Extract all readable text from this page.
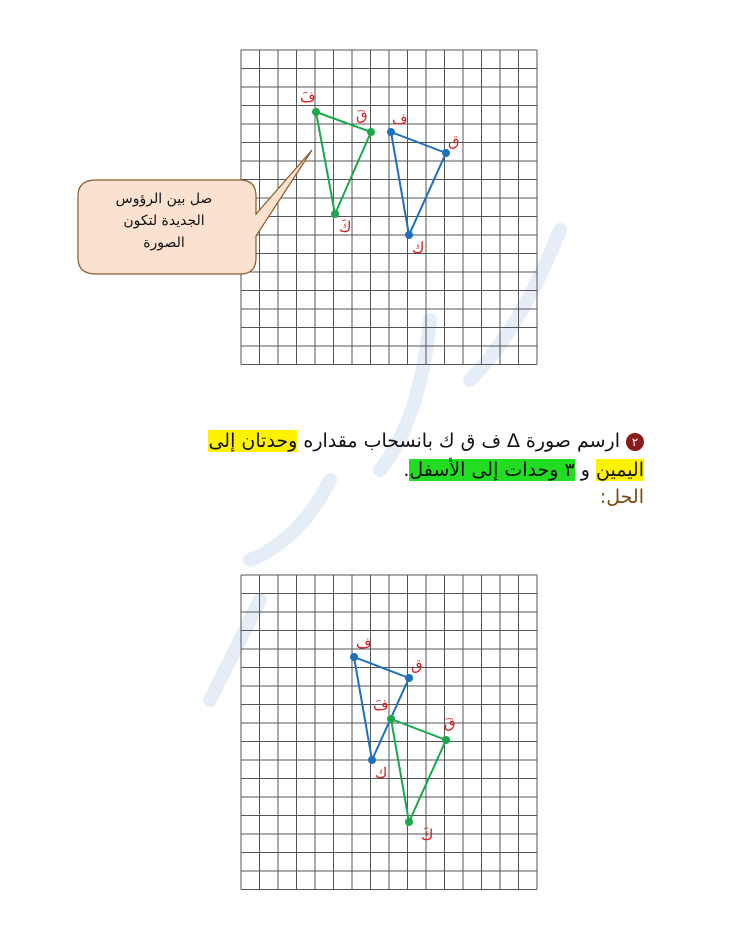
فَ
قَ
كَ
ف
ق
ك
صل بين الرؤوس
الجديدة لتكون
الصورة
٢ارسم صورة ∆ ف ق ك بانسحاب مقداره وحدتان إلى
اليمين و ٣ وحدات إلى الأسفل.
الحل:
ف
ق
ك
فَ
قَ
كَ
